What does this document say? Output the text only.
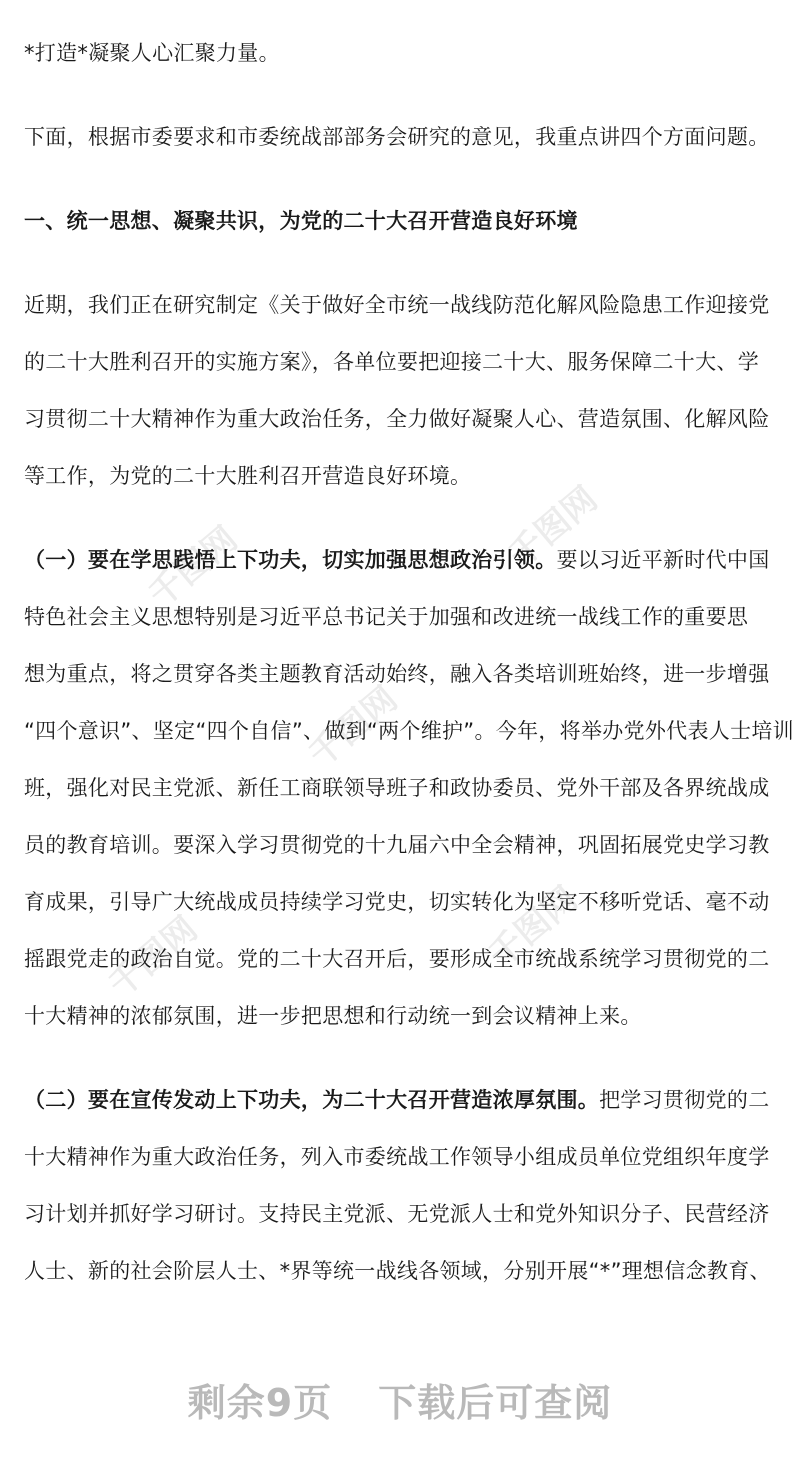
千图网	千图网
千图网
千图网	千图网
*打造*凝聚人心汇聚力量。
下面，根据市委要求和市委统战部部务会研究的意见，我重点讲四个方面问题。
一、统一思想、凝聚共识，为党的二十大召开营造良好环境
近期，我们正在研究制定《关于做好全市统一战线防范化解风险隐患工作迎接党
的二十大胜利召开的实施方案》，各单位要把迎接二十大、服务保障二十大、学
习贯彻二十大精神作为重大政治任务，全力做好凝聚人心、营造氛围、化解风险
等工作，为党的二十大胜利召开营造良好环境。
（一）要在学思践悟上下功夫，切实加强思想政治引领。要以习近平新时代中国
特色社会主义思想特别是习近平总书记关于加强和改进统一战线工作的重要思
想为重点，将之贯穿各类主题教育活动始终，融入各类培训班始终，进一步增强
“四个意识”、坚定“四个自信”、做到“两个维护”。今年，将举办党外代表人士培训
班，强化对民主党派、新任工商联领导班子和政协委员、党外干部及各界统战成
员的教育培训。要深入学习贯彻党的十九届六中全会精神，巩固拓展党史学习教
育成果，引导广大统战成员持续学习党史，切实转化为坚定不移听党话、毫不动
摇跟党走的政治自觉。党的二十大召开后，要形成全市统战系统学习贯彻党的二
十大精神的浓郁氛围，进一步把思想和行动统一到会议精神上来。
（二）要在宣传发动上下功夫，为二十大召开营造浓厚氛围。把学习贯彻党的二
十大精神作为重大政治任务，列入市委统战工作领导小组成员单位党组织年度学
习计划并抓好学习研讨。支持民主党派、无党派人士和党外知识分子、民营经济
人士、新的社会阶层人士、*界等统一战线各领域，分别开展“*”理想信念教育、
剩余9页 下载后可查阅
